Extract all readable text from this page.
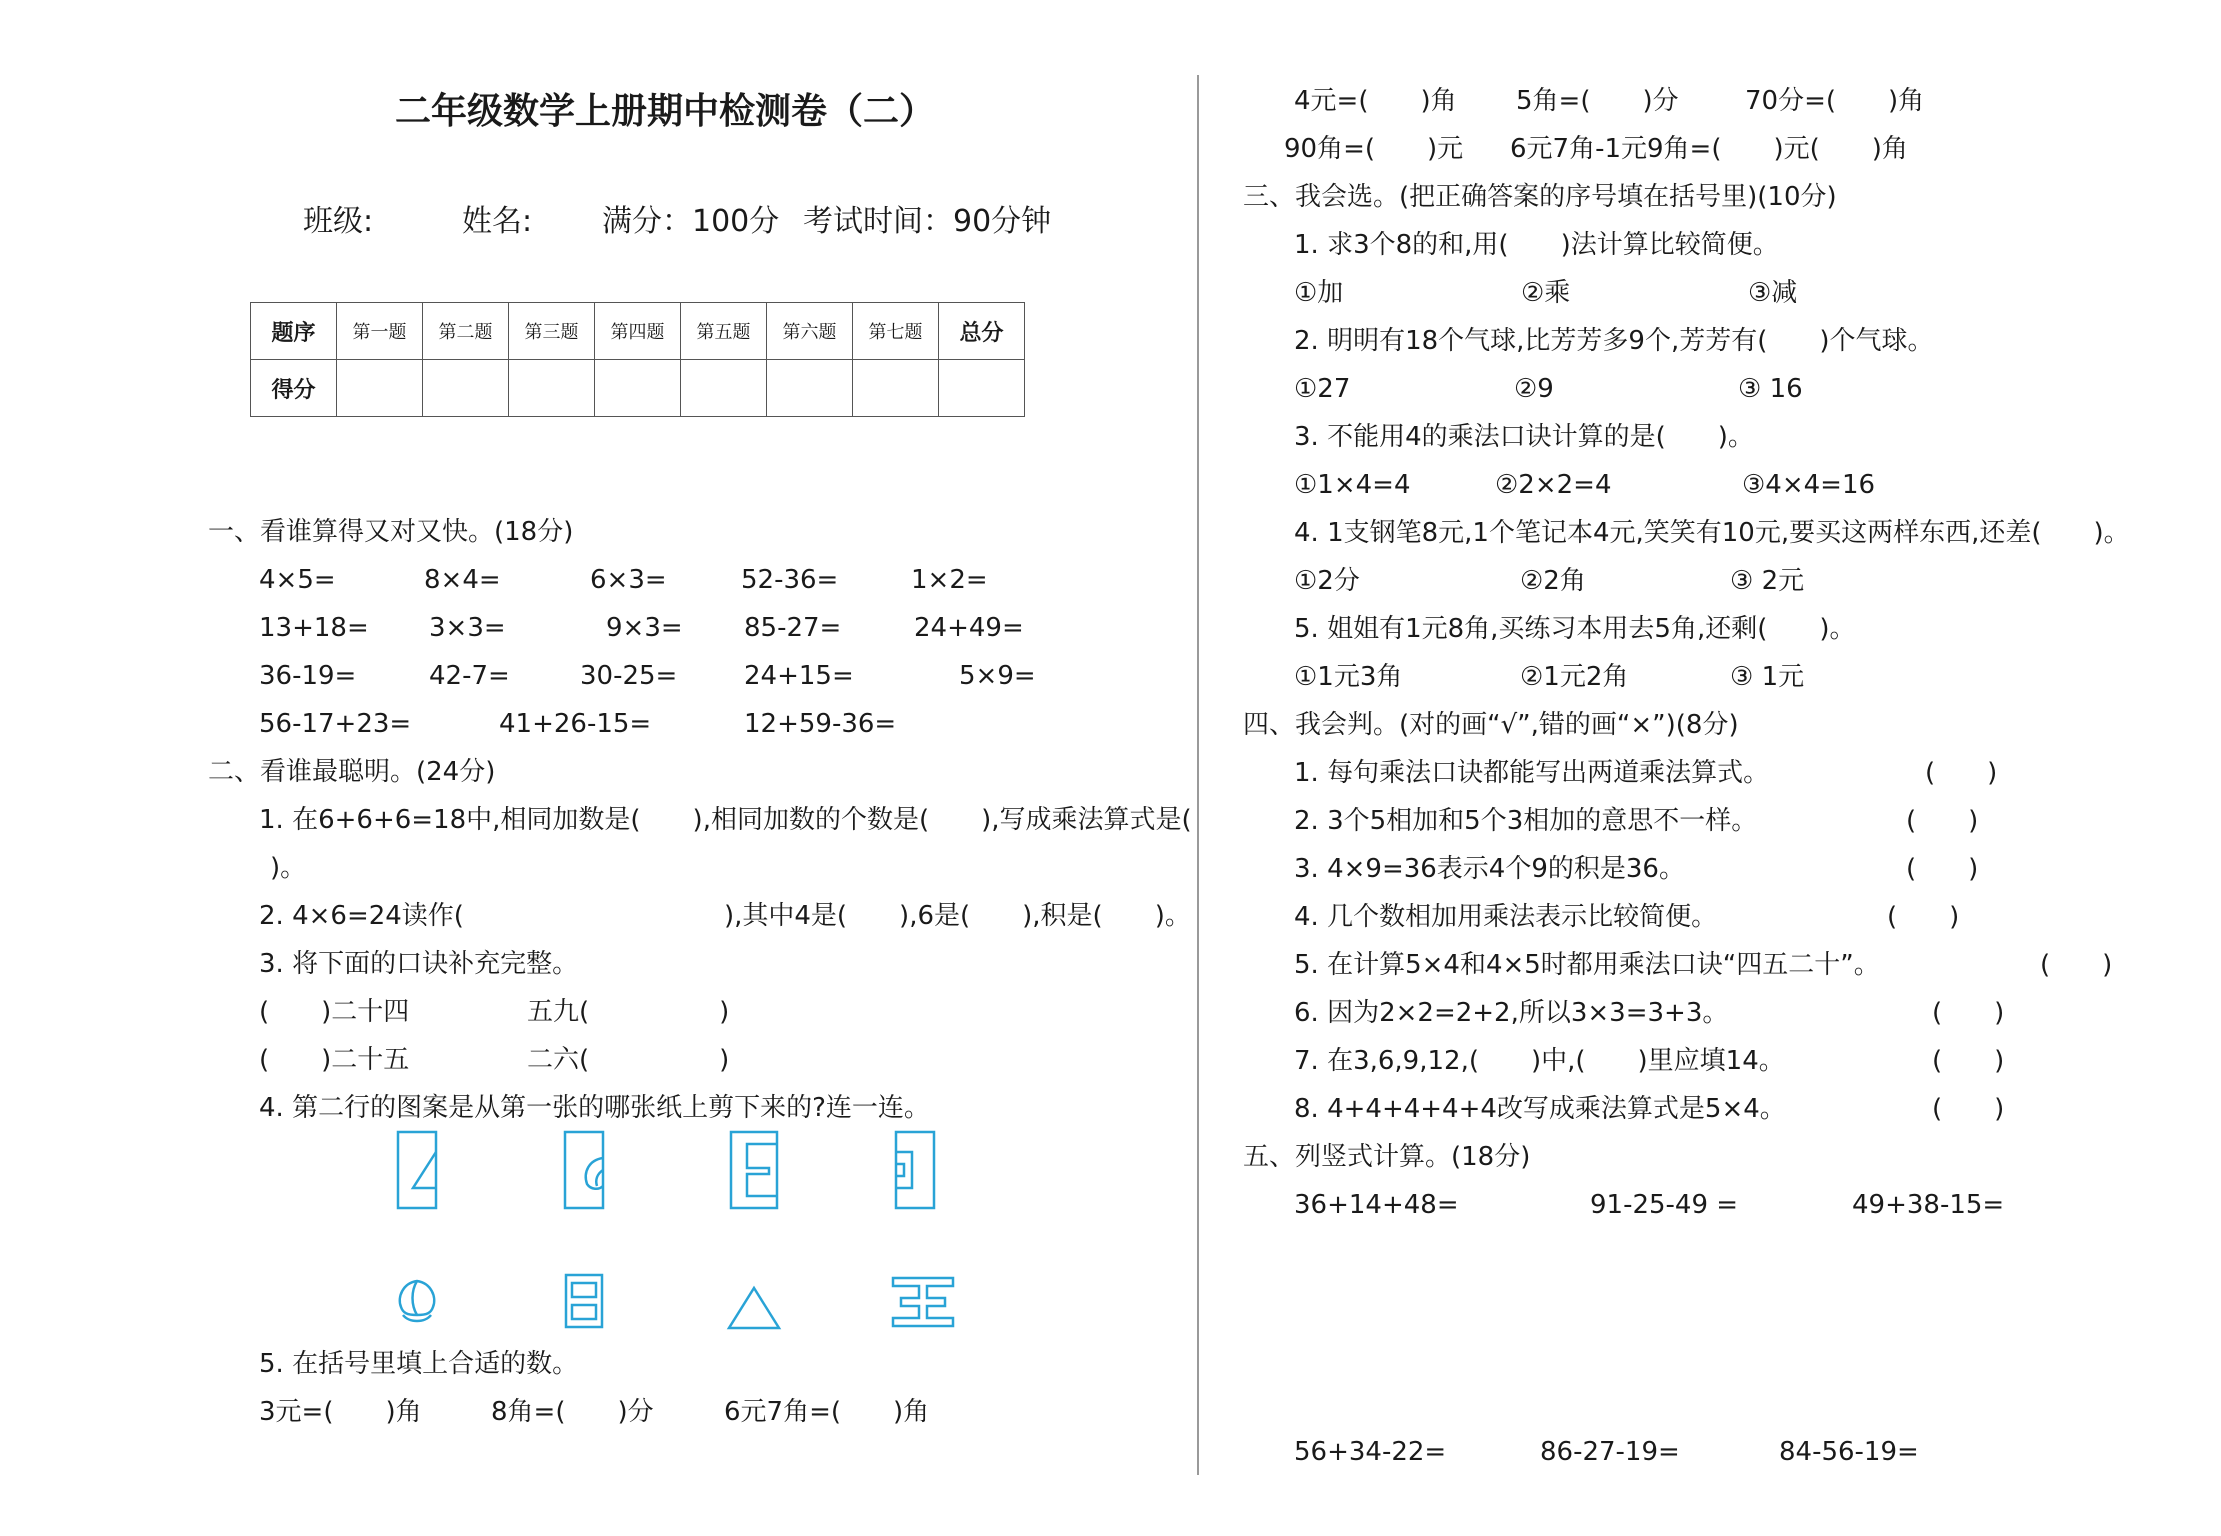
二年级数学上册期中检测卷（二）
班级:	姓名: 满分：100分 考试时间：90分钟
题序	第一题	第二题	第三题	第四题	第五题	第六题	第七题	总分
得分								
一、看谁算得又对又快。(18分)
4×5=	8×4=	6×3=	52-36=	1×2=
13+18= 3×3=	9×3= 85-27=	24+49=
36-19=	42-7=	30-25=	24+15=	5×9=
56-17+23=	41+26-15=	12+59-36=
二、看谁最聪明。(24分)
1. 在6+6+6=18中,相同加数是(　　),相同加数的个数是(　　),写成乘法算式是(
)。
2. 4×6=24读作(　　　　　　　　　　),其中4是(　　),6是(　　),积是(　　)。
3. 将下面的口诀补充完整。
(　　)二十四	五九(　　　　　)
(　　)二十五	二六(　　　　　)
4. 第二行的图案是从第一张的哪张纸上剪下来的?连一连。
5. 在括号里填上合适的数。
3元=(　　)角	8角=(　　)分	6元7角=(　　)角
4元=(　　)角 5角=(　　)分	70分=(　　)角
90角=(　　)元 6元7角-1元9角=(　　)元(　　)角
三、我会选。(把正确答案的序号填在括号里)(10分)
1. 求3个8的和,用(　　)法计算比较简便。
①加	②乘	③减
2. 明明有18个气球,比芳芳多9个,芳芳有(　　)个气球。
①27	②9	③ 16
3. 不能用4的乘法口诀计算的是(　　)。
①1×4=4	②2×2=4	③4×4=16
4. 1支钢笔8元,1个笔记本4元,笑笑有10元,要买这两样东西,还差(　　)。
①2分	②2角	③ 2元
5. 姐姐有1元8角,买练习本用去5角,还剩(　　)。
①1元3角	②1元2角	③ 1元
四、我会判。(对的画“√”,错的画“×”)(8分)
1. 每句乘法口诀都能写出两道乘法算式。	(　　)
2. 3个5相加和5个3相加的意思不一样。	(　　)
3. 4×9=36表示4个9的积是36。	(　　)
4. 几个数相加用乘法表示比较简便。	(　　)
5. 在计算5×4和4×5时都用乘法口诀“四五二十”。	(　　)
6. 因为2×2=2+2,所以3×3=3+3。	(　　)
7. 在3,6,9,12,(　　)中,(　　)里应填14。	(　　)
8. 4+4+4+4+4改写成乘法算式是5×4。	(　　)
五、列竖式计算。(18分)
36+14+48=	91-25-49 =	49+38-15=
56+34-22=	86-27-19=	84-56-19=
